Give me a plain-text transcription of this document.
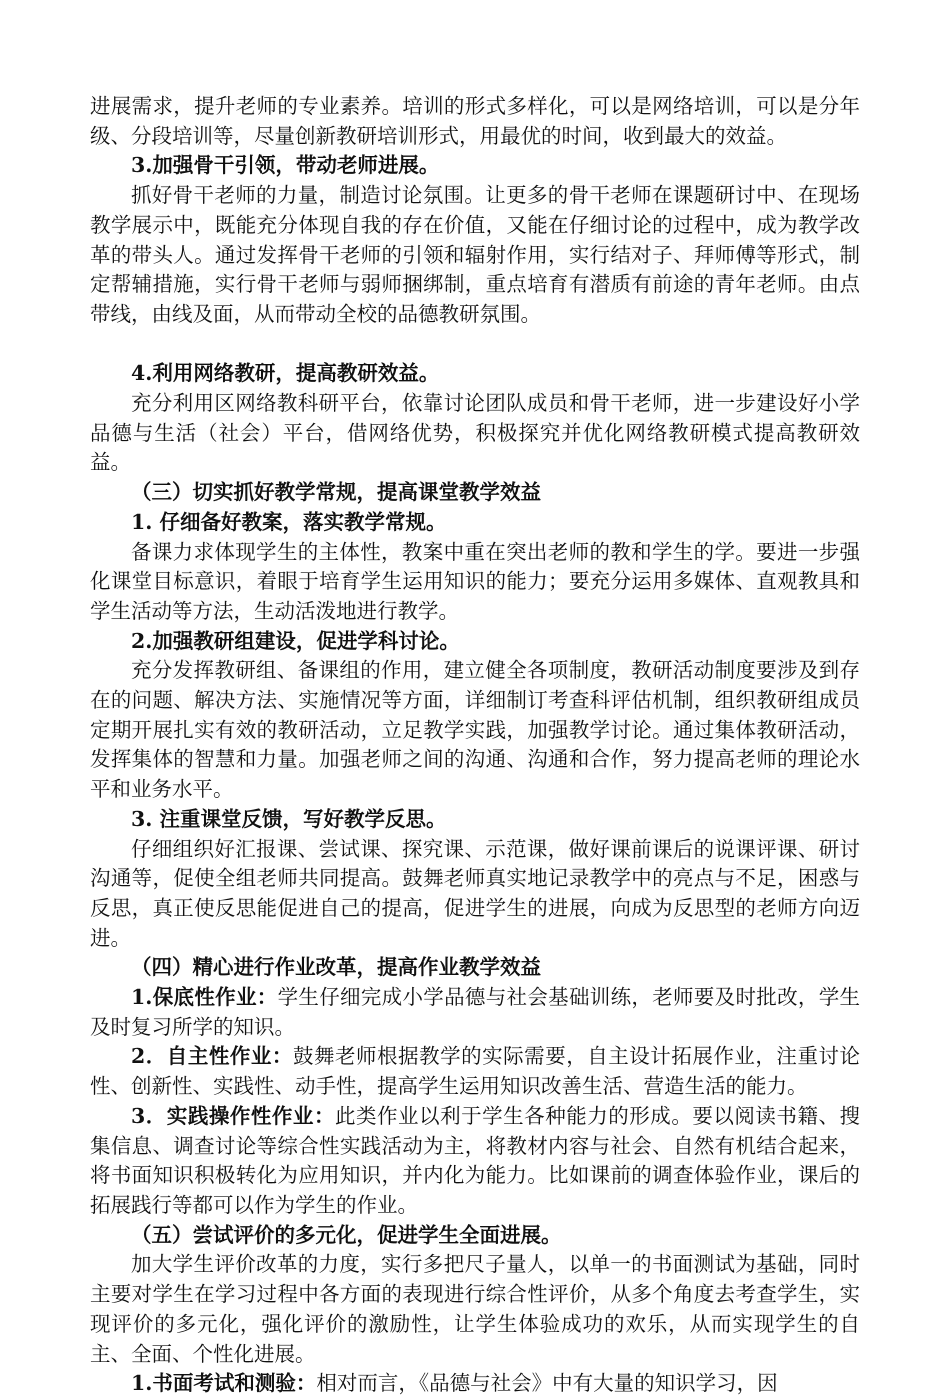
进展需求，提升老师的专业素养。培训的形式多样化，可以是网络培训，可以是分年级、分段培训等，尽量创新教研培训形式，用最优的时间，收到最大的效益。

3.加强骨干引领，带动老师进展。

抓好骨干老师的力量，制造讨论氛围。让更多的骨干老师在课题研讨中、在现场教学展示中，既能充分体现自我的存在价值，又能在仔细讨论的过程中，成为教学改革的带头人。通过发挥骨干老师的引领和辐射作用，实行结对子、拜师傅等形式，制定帮辅措施，实行骨干老师与弱师捆绑制，重点培育有潜质有前途的青年老师。由点带线，由线及面，从而带动全校的品德教研氛围。

4.利用网络教研，提高教研效益。

充分利用区网络教科研平台，依靠讨论团队成员和骨干老师，进一步建设好小学品德与生活（社会）平台，借网络优势，积极探究并优化网络教研模式提高教研效益。

（三）切实抓好教学常规，提高课堂教学效益

1. 仔细备好教案，落实教学常规。

备课力求体现学生的主体性，教案中重在突出老师的教和学生的学。要进一步强化课堂目标意识，着眼于培育学生运用知识的能力；要充分运用多媒体、直观教具和学生活动等方法，生动活泼地进行教学。

2.加强教研组建设，促进学科讨论。

充分发挥教研组、备课组的作用，建立健全各项制度，教研活动制度要涉及到存在的问题、解决方法、实施情况等方面，详细制订考查科评估机制，组织教研组成员定期开展扎实有效的教研活动，立足教学实践，加强教学讨论。通过集体教研活动，发挥集体的智慧和力量。加强老师之间的沟通、沟通和合作，努力提高老师的理论水平和业务水平。

3. 注重课堂反馈，写好教学反思。

仔细组织好汇报课、尝试课、探究课、示范课，做好课前课后的说课评课、研讨沟通等，促使全组老师共同提高。鼓舞老师真实地记录教学中的亮点与不足，困惑与反思，真正使反思能促进自己的提高，促进学生的进展，向成为反思型的老师方向迈进。

（四）精心进行作业改革，提高作业教学效益

1.保底性作业：学生仔细完成小学品德与社会基础训练，老师要及时批改，学生及时复习所学的知识。

2．自主性作业：鼓舞老师根据教学的实际需要，自主设计拓展作业，注重讨论性、创新性、实践性、动手性，提高学生运用知识改善生活、营造生活的能力。

3．实践操作性作业：此类作业以利于学生各种能力的形成。要以阅读书籍、搜集信息、调查讨论等综合性实践活动为主，将教材内容与社会、自然有机结合起来，将书面知识积极转化为应用知识，并内化为能力。比如课前的调查体验作业，课后的拓展践行等都可以作为学生的作业。

（五）尝试评价的多元化，促进学生全面进展。

加大学生评价改革的力度，实行多把尺子量人，以单一的书面测试为基础，同时主要对学生在学习过程中各方面的表现进行综合性评价，从多个角度去考查学生，实现评价的多元化，强化评价的激励性，让学生体验成功的欢乐，从而实现学生的自主、全面、个性化进展。

1.书面考试和测验：相对而言，《品德与社会》中有大量的知识学习，因
